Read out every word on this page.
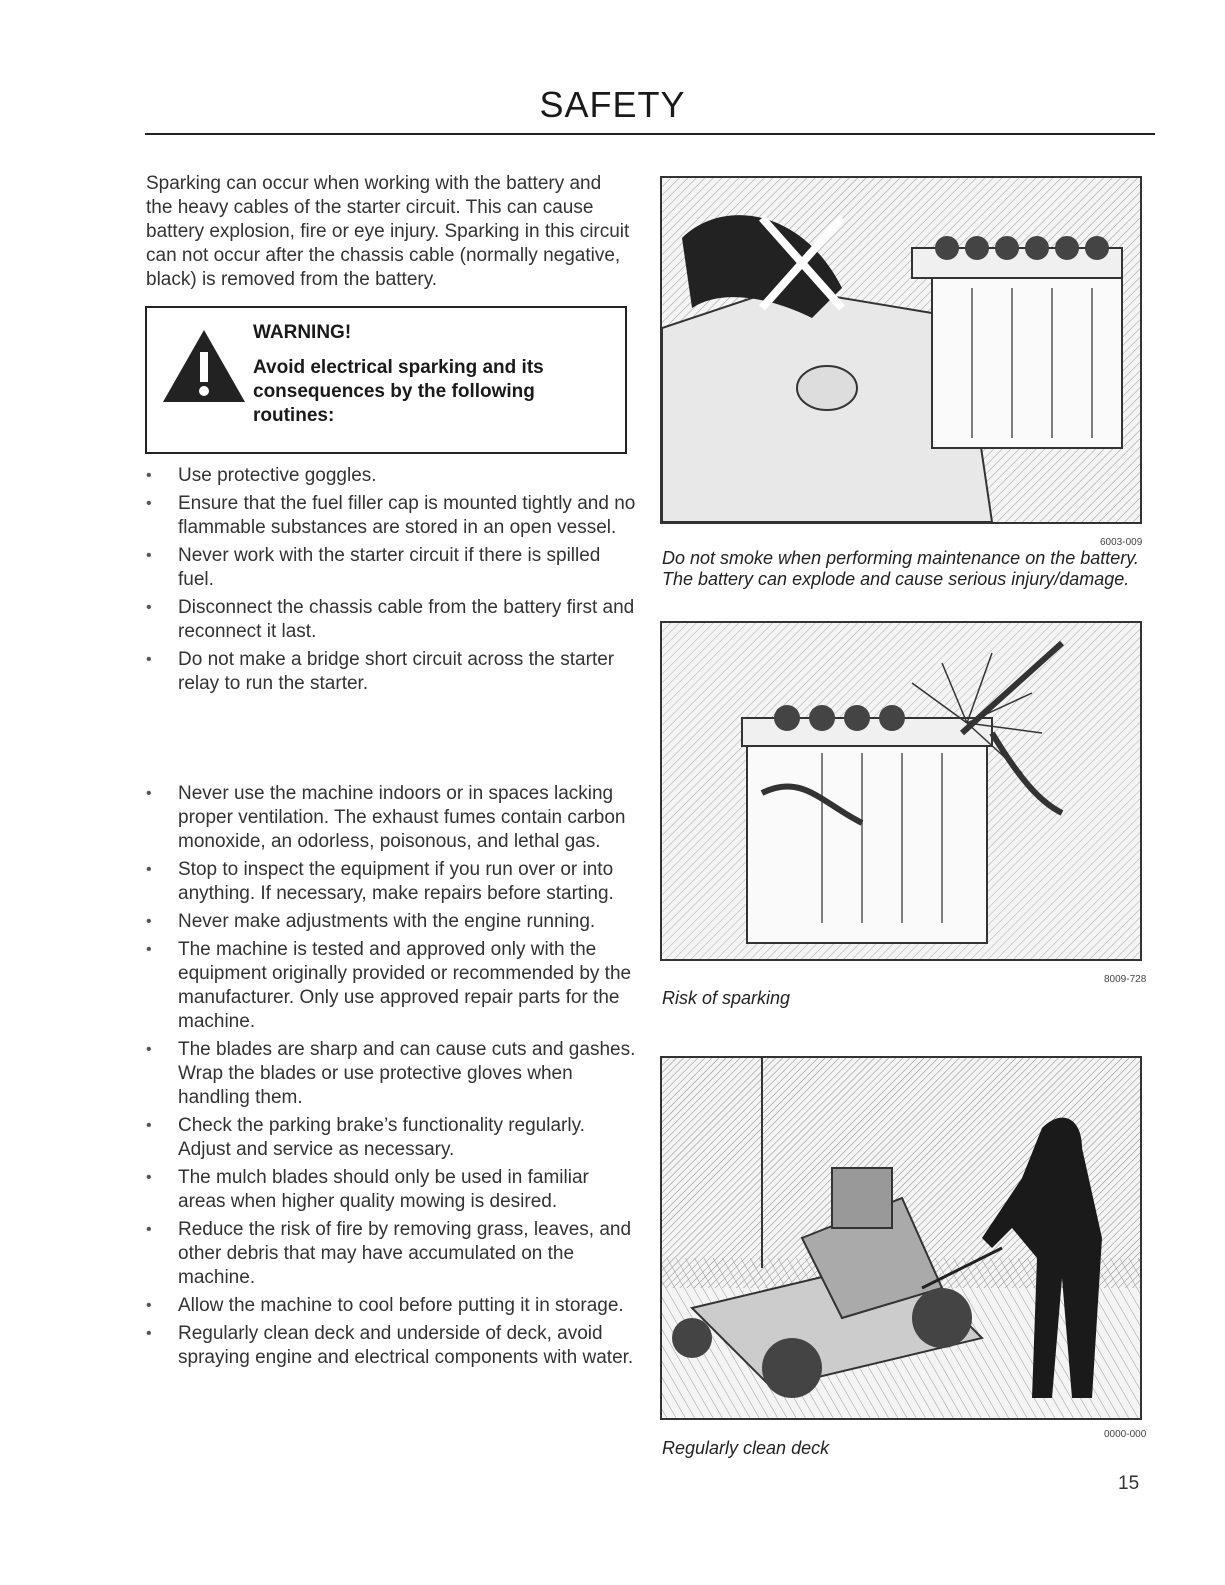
SAFETY

Sparking can occur when working with the battery and the heavy cables of the starter circuit. This can cause battery explosion, fire or eye injury. Sparking in this circuit can not occur after the chassis cable (normally negative, black) is removed from the battery.

WARNING!
Avoid electrical sparking and its consequences by the following routines:
• Use protective goggles.
• Ensure that the fuel filler cap is mounted tightly and no flammable substances are stored in an open vessel.
• Never work with the starter circuit if there is spilled fuel.
• Disconnect the chassis cable from the battery first and reconnect it last.
• Do not make a bridge short circuit across the starter relay to run the starter.
• Never use the machine indoors or in spaces lacking proper ventilation. The exhaust fumes contain carbon monoxide, an odorless, poisonous, and lethal gas.
• Stop to inspect the equipment if you run over or into anything. If necessary, make repairs before starting.
• Never make adjustments with the engine running.
• The machine is tested and approved only with the equipment originally provided or recommended by the manufacturer. Only use approved repair parts for the machine.
• The blades are sharp and can cause cuts and gashes. Wrap the blades or use protective gloves when handling them.
• Check the parking brake’s functionality regularly. Adjust and service as necessary.
• The mulch blades should only be used in familiar areas when higher quality mowing is desired.
• Reduce the risk of fire by removing grass, leaves, and other debris that may have accumulated on the machine.
• Allow the machine to cool before putting it in storage.
• Regularly clean deck and underside of deck, avoid spraying engine and electrical components with water.
6003-009
Do not smoke when performing maintenance on the battery. The battery can explode and cause serious injury/damage.
8009-728
Risk of sparking
0000-000
Regularly clean deck
15
